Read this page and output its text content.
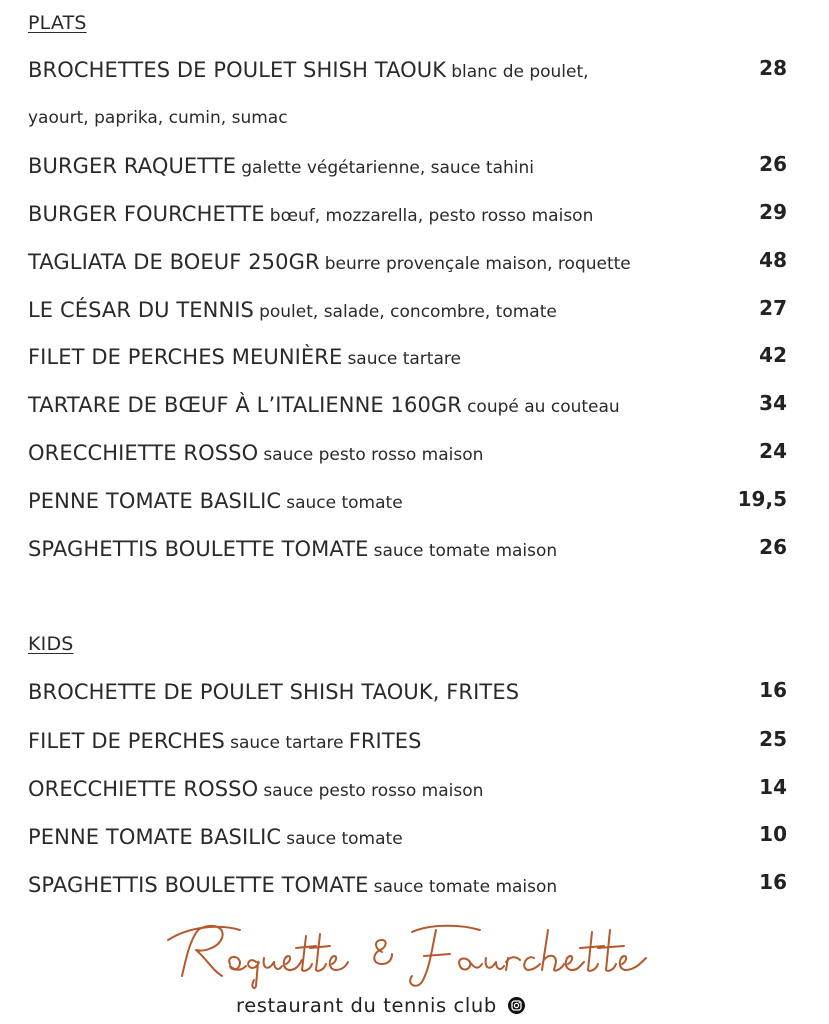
PLATS
BROCHETTES DE POULET SHISH TAOUK blanc de poulet,	28
yaourt, paprika, cumin, sumac
BURGER RAQUETTE galette végétarienne, sauce tahini	26
BURGER FOURCHETTE bœuf, mozzarella, pesto rosso maison	29
TAGLIATA DE BOEUF 250GR beurre provençale maison, roquette	48
LE CÉSAR DU TENNIS poulet, salade, concombre, tomate	27
FILET DE PERCHES MEUNIÈRE sauce tartare	42
TARTARE DE BŒUF À L’ITALIENNE 160GR coupé au couteau	34
ORECCHIETTE ROSSO sauce pesto rosso maison	24
PENNE TOMATE BASILIC sauce tomate	19,5
SPAGHETTIS BOULETTE TOMATE sauce tomate maison	26
KIDS
BROCHETTE DE POULET SHISH TAOUK, FRITES	16
FILET DE PERCHES sauce tartare FRITES	25
ORECCHIETTE ROSSO sauce pesto rosso maison	14
PENNE TOMATE BASILIC sauce tomate	10
SPAGHETTIS BOULETTE TOMATE sauce tomate maison	16
restaurant du tennis club
